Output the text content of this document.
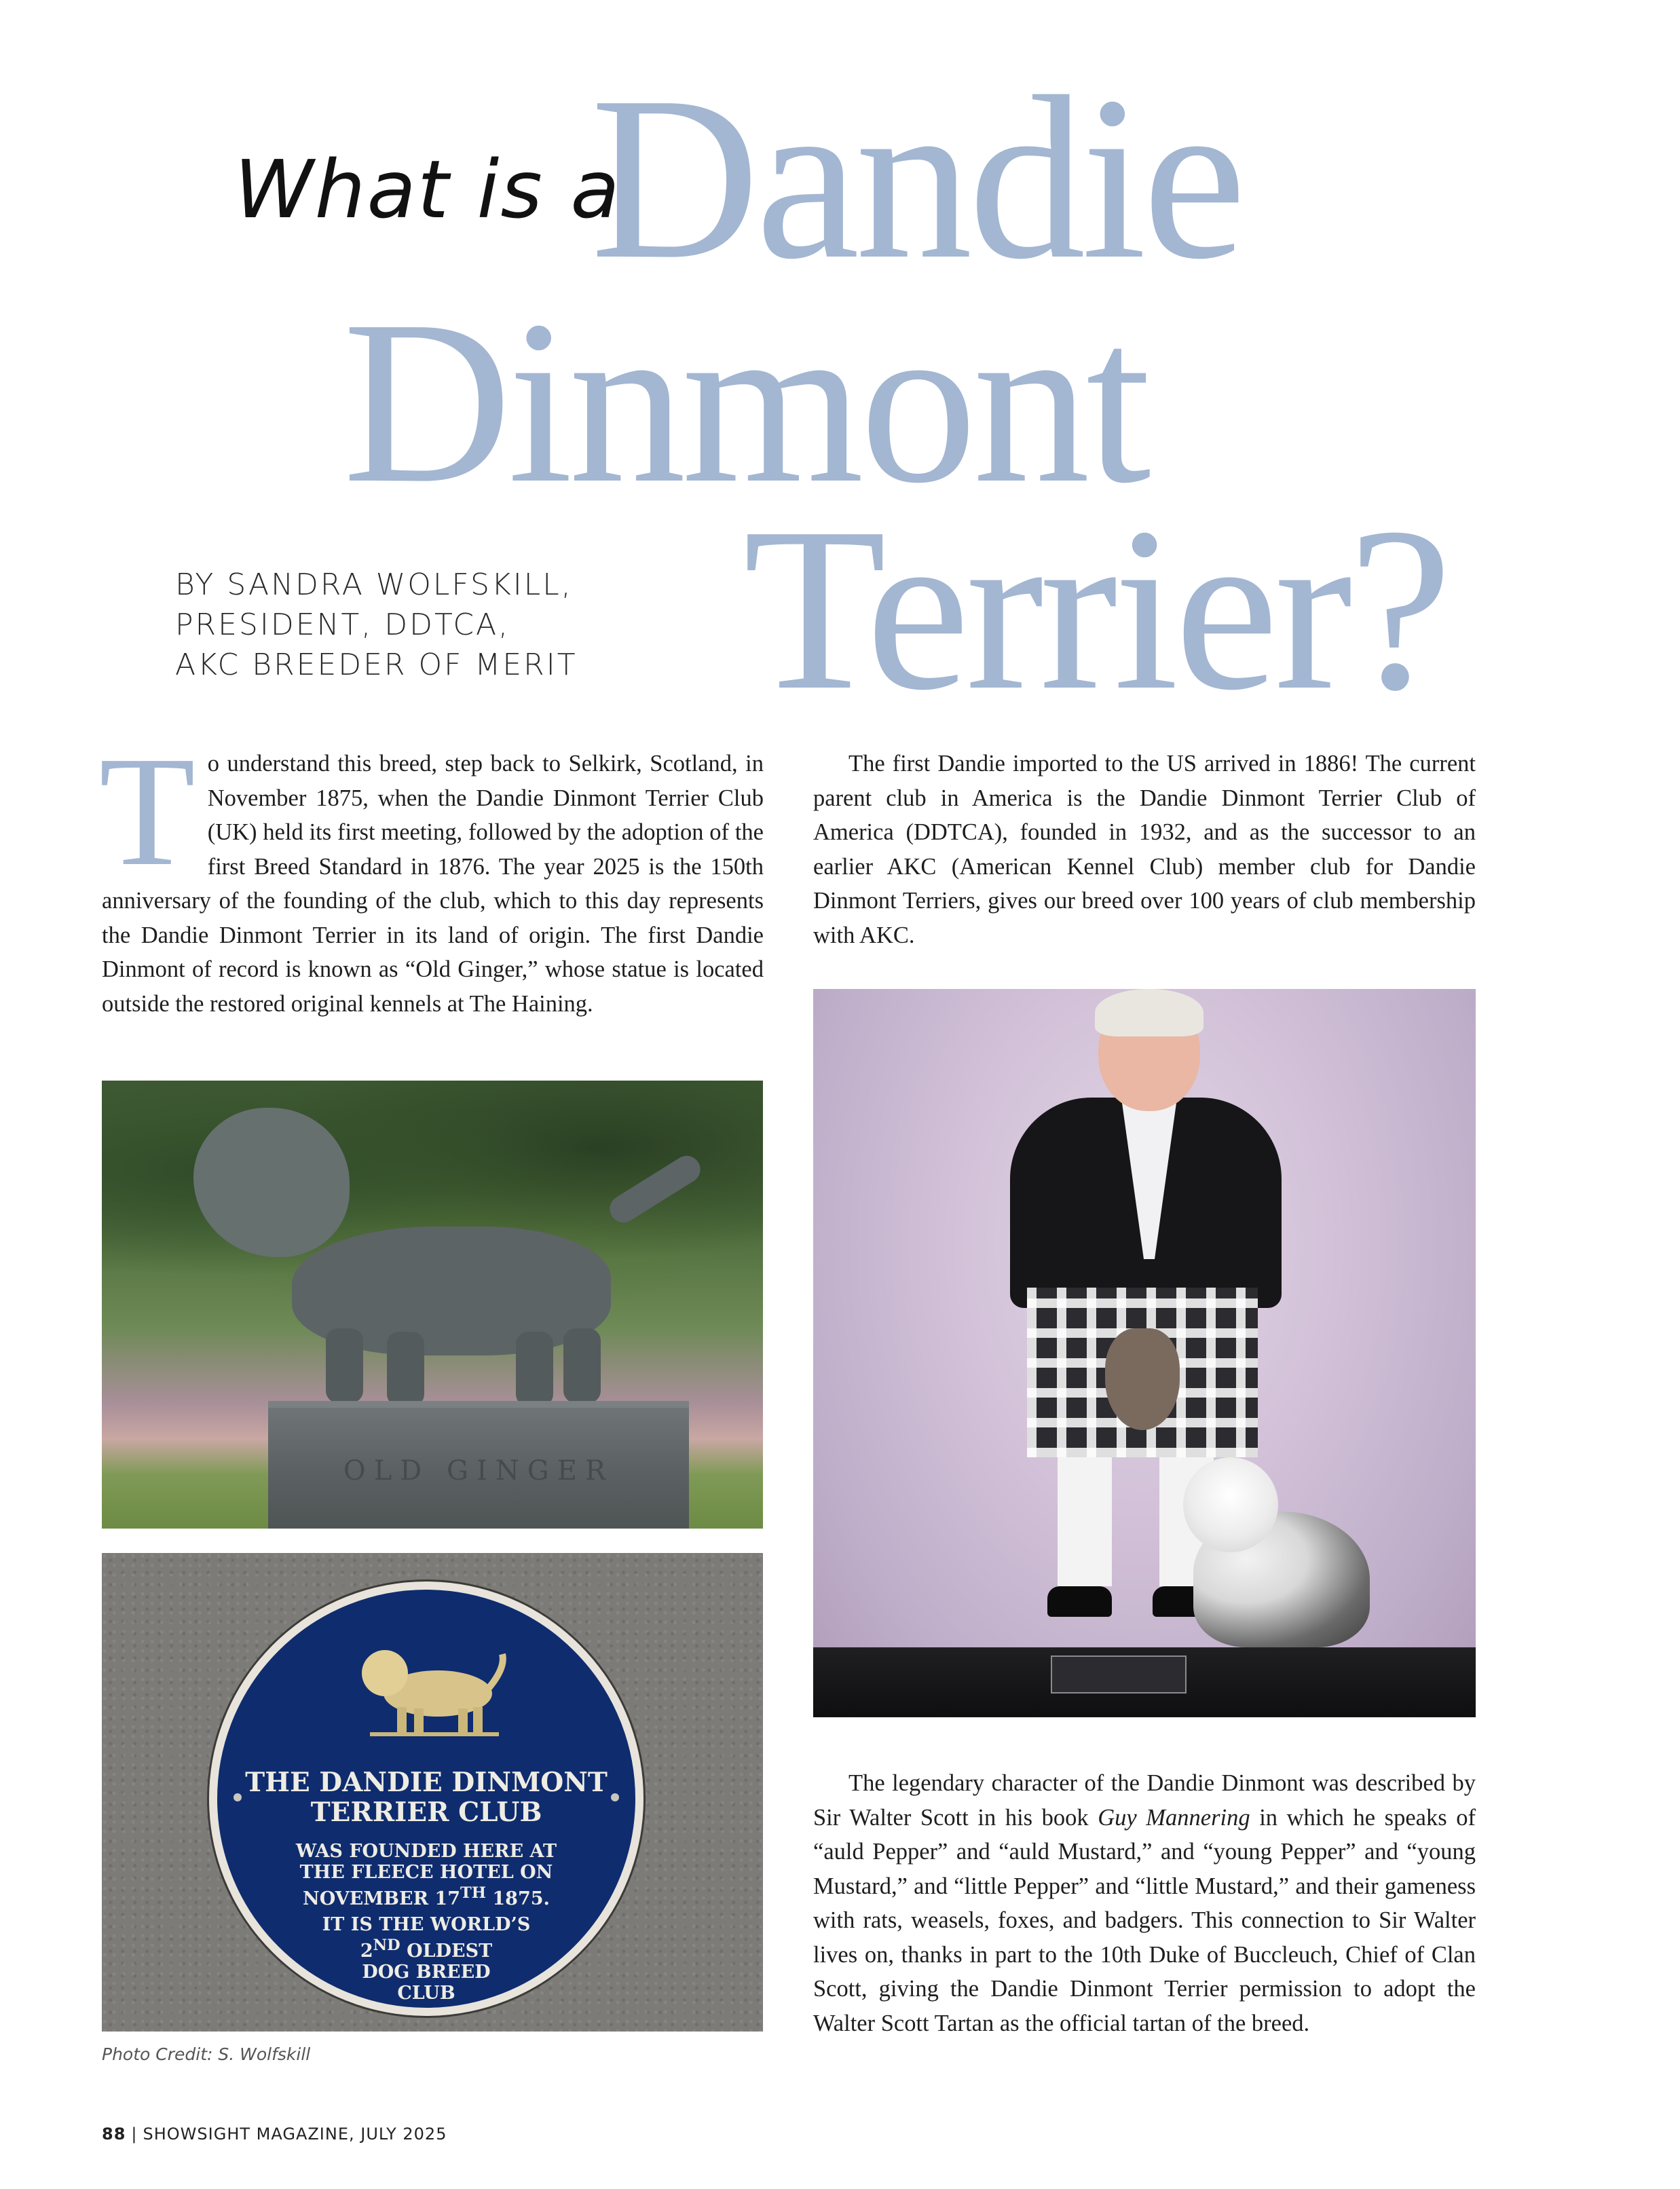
What is a
Dandie
Dinmont
Terrier?
BY SANDRA WOLFSKILL,
PRESIDENT, DDTCA,
AKC BREEDER OF MERIT

To understand this breed, step back to Selkirk, Scotland, in November 1875, when the Dandie Dinmont Terrier Club (UK) held its first meeting, followed by the adoption of the first Breed Standard in 1876. The year 2025 is the 150th anniversary of the founding of the club, which to this day represents the Dandie Dinmont Terrier in its land of origin. The first Dandie Dinmont of record is known as “Old Ginger,” whose statue is located outside the restored original kennels at The Haining.

The first Dandie imported to the US arrived in 1886! The current parent club in America is the Dandie Dinmont Terrier Club of America (DDTCA), founded in 1932, and as the successor to an earlier AKC (American Kennel Club) member club for Dandie Dinmont Terriers, gives our breed over 100 years of club membership with AKC.

OLD GINGER
THE DANDIE DINMONT
TERRIER CLUB
WAS FOUNDED HERE AT
THE FLEECE HOTEL ON
NOVEMBER 17TH 1875.
IT IS THE WORLD’S
2ND OLDEST
DOG BREED
CLUB

The legendary character of the Dandie Dinmont was described by Sir Walter Scott in his book Guy Mannering in which he speaks of “auld Pepper” and “auld Mustard,” and “young Pepper” and “young Mustard,” and “little Pepper” and “little Mustard,” and their gameness with rats, weasels, foxes, and badgers. This connection to Sir Walter lives on, thanks in part to the 10th Duke of Buccleuch, Chief of Clan Scott, giving the Dandie Dinmont Terrier permission to adopt the Walter Scott Tartan as the official tartan of the breed.

Photo Credit: S. Wolfskill
88 | SHOWSIGHT MAGAZINE, JULY 2025
